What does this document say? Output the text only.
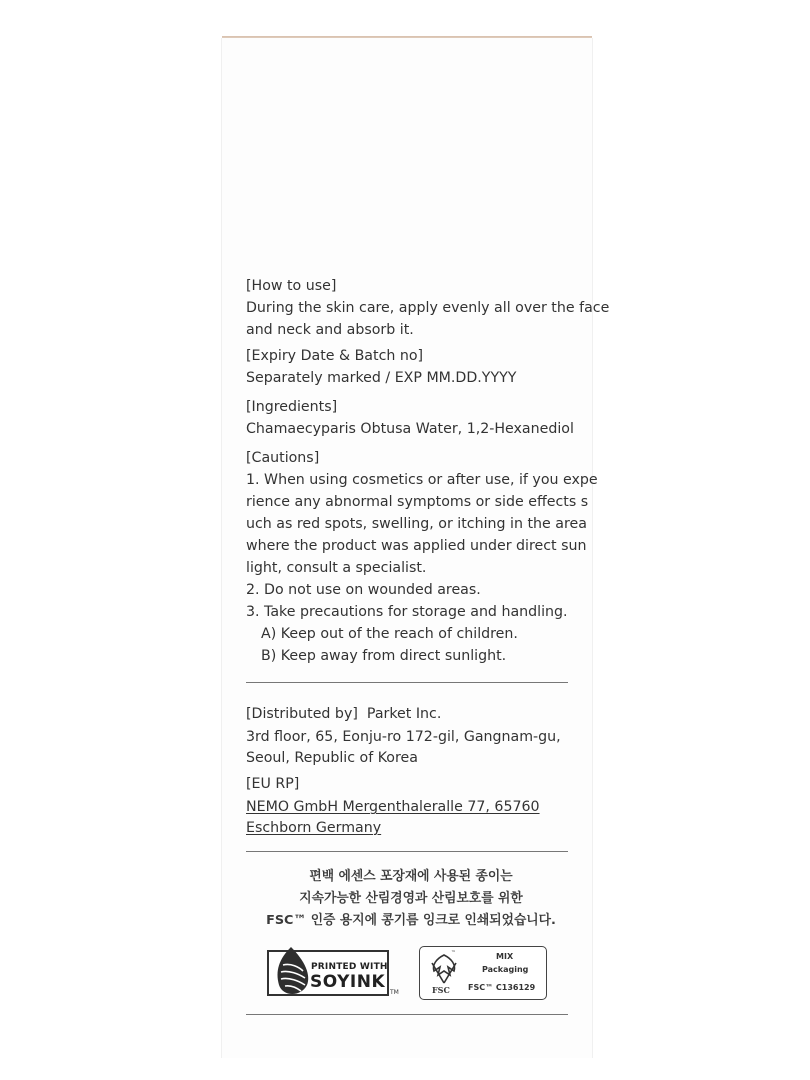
[How to use]

During the skin care, apply evenly all over the face

and neck and absorb it.

[Expiry Date & Batch no]

Separately marked / EXP MM.DD.YYYY

[Ingredients]

Chamaecyparis Obtusa Water, 1,2-Hexanediol

[Cautions]

1. When using cosmetics or after use, if you expe

rience any abnormal symptoms or side effects s

uch as red spots, swelling, or itching in the area

where the product was applied under direct sun

light, consult a specialist.

2. Do not use on wounded areas.

3. Take precautions for storage and handling.

A) Keep out of the reach of children.

B) Keep away from direct sunlight.

[Distributed by] Parket Inc.

3rd floor, 65, Eonju-ro 172-gil, Gangnam-gu,

Seoul, Republic of Korea

[EU RP]

NEMO GmbH Mergenthaleralle 77, 65760

Eschborn Germany

편백 에센스 포장재에 사용된 종이는

지속가능한 산림경영과 산림보호를 위한

FSC™ 인증 용지에 콩기름 잉크로 인쇄되었습니다.

PRINTED WITH
SOYINK
TM
™
FSC
MIX
Packaging
FSC™ C136129
